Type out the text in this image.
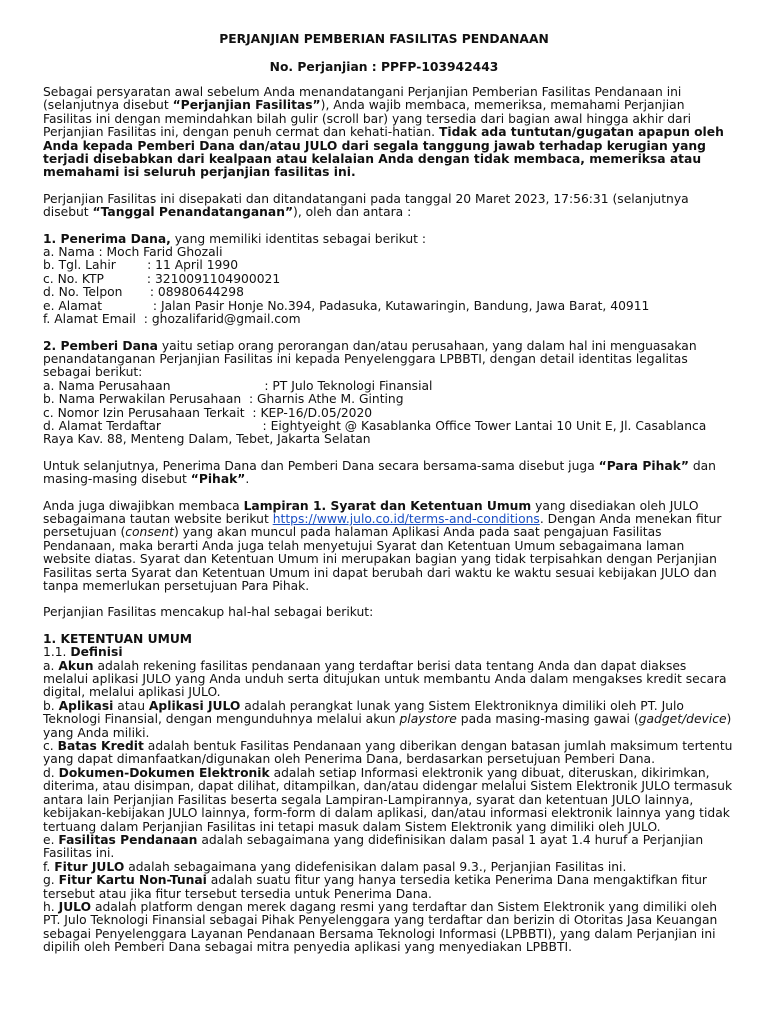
PERJANJIAN PEMBERIAN FASILITAS PENDANAAN
No. Perjanjian : PPFP-103942443

Sebagai persyaratan awal sebelum Anda menandatangani Perjanjian Pemberian Fasilitas Pendanaan ini (selanjutnya disebut “Perjanjian Fasilitas”), Anda wajib membaca, memeriksa, memahami Perjanjian Fasilitas ini dengan memindahkan bilah gulir (scroll bar) yang tersedia dari bagian awal hingga akhir dari Perjanjian Fasilitas ini, dengan penuh cermat dan kehati-hatian. Tidak ada tuntutan/gugatan apapun oleh Anda kepada Pemberi Dana dan/atau JULO dari segala tanggung jawab terhadap kerugian yang terjadi disebabkan dari kealpaan atau kelalaian Anda dengan tidak membaca, memeriksa atau memahami isi seluruh perjanjian fasilitas ini.

Perjanjian Fasilitas ini disepakati dan ditandatangani pada tanggal 20 Maret 2023, 17:56:31 (selanjutnya disebut “Tanggal Penandatanganan”), oleh dan antara :

1. Penerima Dana, yang memiliki identitas sebagai berikut :

a. Nama : Moch Farid Ghozali

b. Tgl. Lahir        : 11 April 1990

c. No. KTP           : 3210091104900021

d. No. Telpon       : 08980644298

e. Alamat             : Jalan Pasir Honje No.394, Padasuka, Kutawaringin, Bandung, Jawa Barat, 40911

f. Alamat Email  : ghozalifarid@gmail.com

2. Pemberi Dana yaitu setiap orang perorangan dan/atau perusahaan, yang dalam hal ini menguasakan penandatanganan Perjanjian Fasilitas ini kepada Penyelenggara LPBBTI, dengan detail identitas legalitas sebagai berikut:

a. Nama Perusahaan                        : PT Julo Teknologi Finansial

b. Nama Perwakilan Perusahaan  : Gharnis Athe M. Ginting

c. Nomor Izin Perusahaan Terkait  : KEP-16/D.05/2020

d. Alamat Terdaftar                          : Eightyeight @ Kasablanka Office Tower Lantai 10 Unit E, Jl. Casablanca Raya Kav. 88, Menteng Dalam, Tebet, Jakarta Selatan

Untuk selanjutnya, Penerima Dana dan Pemberi Dana secara bersama-sama disebut juga “Para Pihak” dan masing-masing disebut “Pihak”.

Anda juga diwajibkan membaca Lampiran 1. Syarat dan Ketentuan Umum yang disediakan oleh JULO sebagaimana tautan website berikut https://www.julo.co.id/terms-and-conditions. Dengan Anda menekan fitur persetujuan (consent) yang akan muncul pada halaman Aplikasi Anda pada saat pengajuan Fasilitas Pendanaan, maka berarti Anda juga telah menyetujui Syarat dan Ketentuan Umum sebagaimana laman website diatas. Syarat dan Ketentuan Umum ini merupakan bagian yang tidak terpisahkan dengan Perjanjian Fasilitas serta Syarat dan Ketentuan Umum ini dapat berubah dari waktu ke waktu sesuai kebijakan JULO dan tanpa memerlukan persetujuan Para Pihak.

Perjanjian Fasilitas mencakup hal-hal sebagai berikut:

1. KETENTUAN UMUM

1.1. Definisi

a. Akun adalah rekening fasilitas pendanaan yang terdaftar berisi data tentang Anda dan dapat diakses melalui aplikasi JULO yang Anda unduh serta ditujukan untuk membantu Anda dalam mengakses kredit secara digital, melalui aplikasi JULO.

b. Aplikasi atau Aplikasi JULO adalah perangkat lunak yang Sistem Elektroniknya dimiliki oleh PT. Julo Teknologi Finansial, dengan mengunduhnya melalui akun playstore pada masing-masing gawai (gadget/device) yang Anda miliki.

c. Batas Kredit adalah bentuk Fasilitas Pendanaan yang diberikan dengan batasan jumlah maksimum tertentu yang dapat dimanfaatkan/digunakan oleh Penerima Dana, berdasarkan persetujuan Pemberi Dana.

d. Dokumen-Dokumen Elektronik adalah setiap Informasi elektronik yang dibuat, diteruskan, dikirimkan, diterima, atau disimpan, dapat dilihat, ditampilkan, dan/atau didengar melalui Sistem Elektronik JULO termasuk antara lain Perjanjian Fasilitas beserta segala Lampiran-Lampirannya, syarat dan ketentuan JULO lainnya, kebijakan-kebijakan JULO lainnya, form-form di dalam aplikasi, dan/atau informasi elektronik lainnya yang tidak tertuang dalam Perjanjian Fasilitas ini tetapi masuk dalam Sistem Elektronik yang dimiliki oleh JULO.

e. Fasilitas Pendanaan adalah sebagaimana yang didefinisikan dalam pasal 1 ayat 1.4 huruf a Perjanjian Fasilitas ini.

f. Fitur JULO adalah sebagaimana yang didefenisikan dalam pasal 9.3., Perjanjian Fasilitas ini.

g. Fitur Kartu Non-Tunai adalah suatu fitur yang hanya tersedia ketika Penerima Dana mengaktifkan fitur tersebut atau jika fitur tersebut tersedia untuk Penerima Dana.

h. JULO adalah platform dengan merek dagang resmi yang terdaftar dan Sistem Elektronik yang dimiliki oleh PT. Julo Teknologi Finansial sebagai Pihak Penyelenggara yang terdaftar dan berizin di Otoritas Jasa Keuangan sebagai Penyelenggara Layanan Pendanaan Bersama Teknologi Informasi (LPBBTI), yang dalam Perjanjian ini dipilih oleh Pemberi Dana sebagai mitra penyedia aplikasi yang menyediakan LPBBTI.
